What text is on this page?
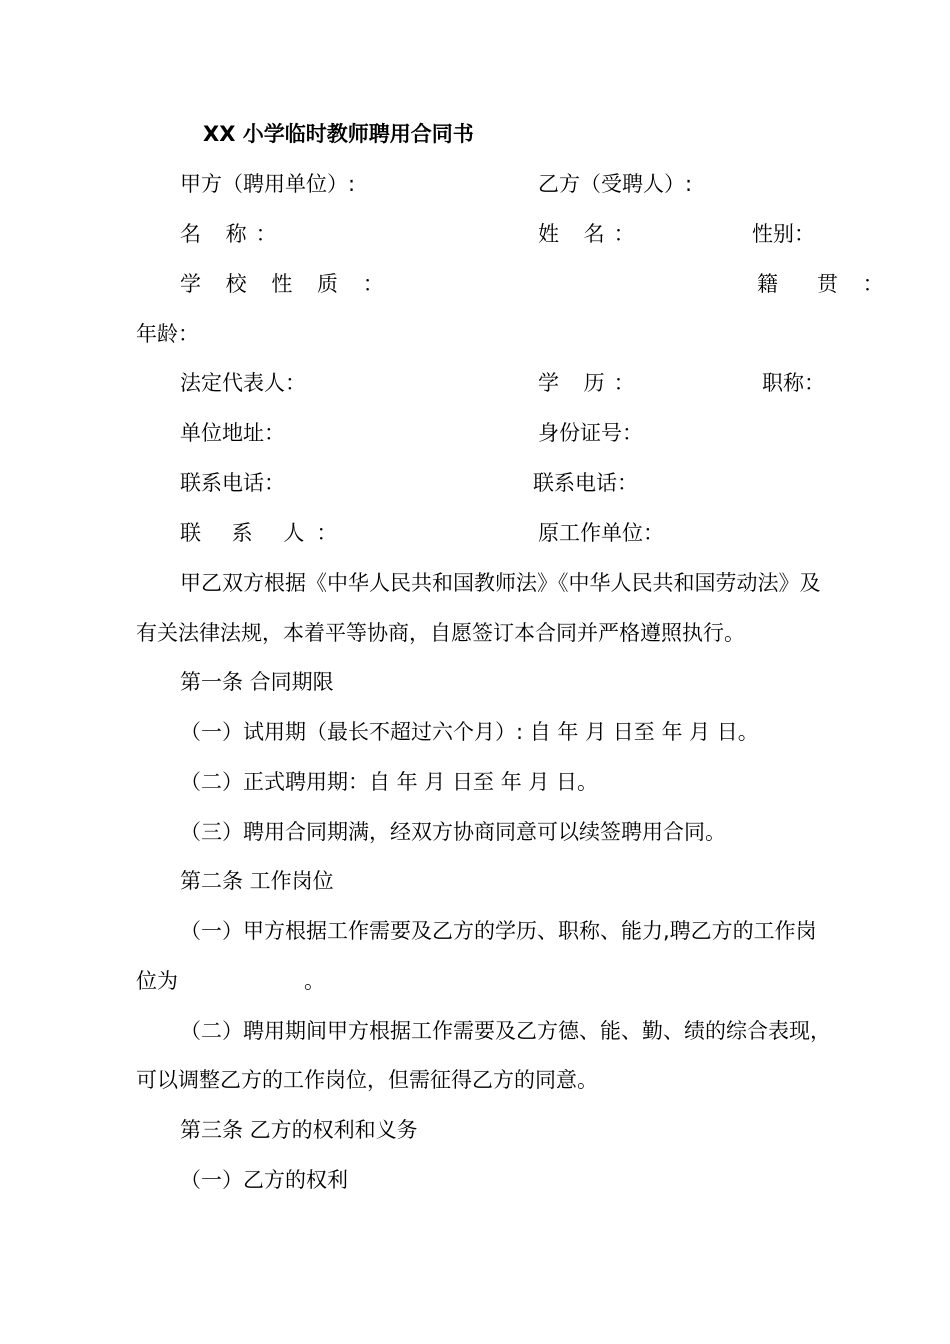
XX 小学临时教师聘用合同书
甲方（聘用单位）:	乙方（受聘人）:
名 称：	姓 名：	性别：
学 校 性 质 ：	籍　贯 ：
年龄：
法定代表人：	学 历：	职称：
单位地址：	身份证号：
联系电话：	联系电话：
联 系 人：	原工作单位：
甲乙双方根据《中华人民共和国教师法》《中华人民共和国劳动法》及
有关法律法规，本着平等协商，自愿签订本合同并严格遵照执行。
第一条 合同期限
（一）试用期（最长不超过六个月）: 自 年 月 日至 年 月 日。
（二）正式聘用期：自 年 月 日至 年 月 日。
（三）聘用合同期满，经双方协商同意可以续签聘用合同。
第二条 工作岗位
（一）甲方根据工作需要及乙方的学历、职称、能力,聘乙方的工作岗
位为　　　　　　。
（二）聘用期间甲方根据工作需要及乙方德、能、勤、绩的综合表现，
可以调整乙方的工作岗位，但需征得乙方的同意。
第三条 乙方的权利和义务
（一）乙方的权利
